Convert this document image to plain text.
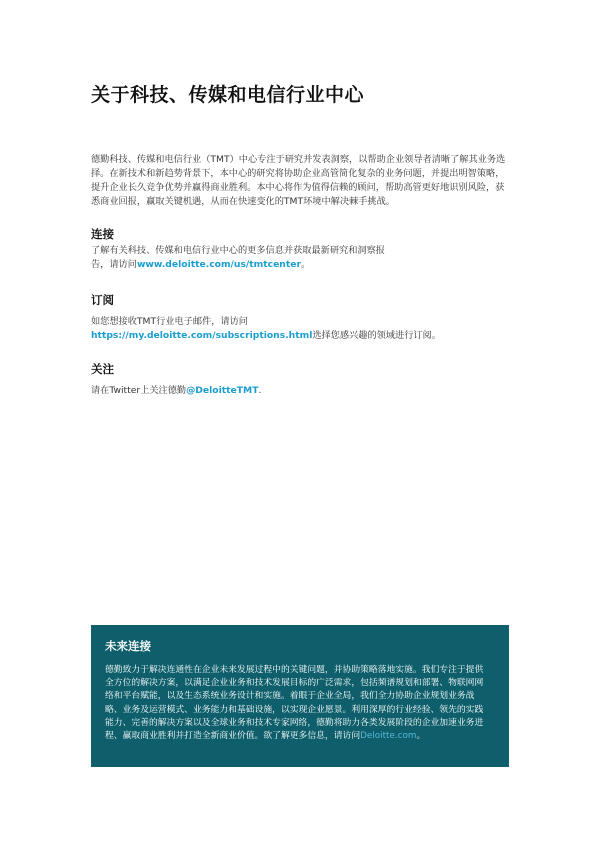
关于科技、传媒和电信行业中心

德勤科技、传媒和电信行业（TMT）中心专注于研究并发表洞察，以帮助企业领导者清晰了解其业务选择。在新技术和新趋势背景下，本中心的研究将协助企业高管简化复杂的业务问题，并提出明智策略，提升企业长久竞争优势并赢得商业胜利。本中心将作为值得信赖的顾问，帮助高管更好地识别风险，获悉商业回报，赢取关键机遇，从而在快速变化的TMT环境中解决棘手挑战。

连接

了解有关科技、传媒和电信行业中心的更多信息并获取最新研究和洞察报告，请访问www.deloitte.com/us/tmtcenter。

订阅

如您想接收TMT行业电子邮件，请访问https://my.deloitte.com/subscriptions.html选择您感兴趣的领域进行订阅。

关注

请在Twitter上关注德勤@DeloitteTMT.

未来连接

德勤致力于解决连通性在企业未来发展过程中的关键问题，并协助策略落地实施。我们专注于提供全方位的解决方案，以满足企业业务和技术发展目标的广泛需求，包括频谱规划和部署、物联网网络和平台赋能，以及生态系统业务设计和实施。着眼于企业全局，我们全力协助企业规划业务战略、业务及运营模式、业务能力和基础设施，以实现企业愿景。利用深厚的行业经验、领先的实践能力、完善的解决方案以及全球业务和技术专家网络，德勤将助力各类发展阶段的企业加速业务进程、赢取商业胜利并打造全新商业价值。欲了解更多信息，请访问Deloitte.com。
